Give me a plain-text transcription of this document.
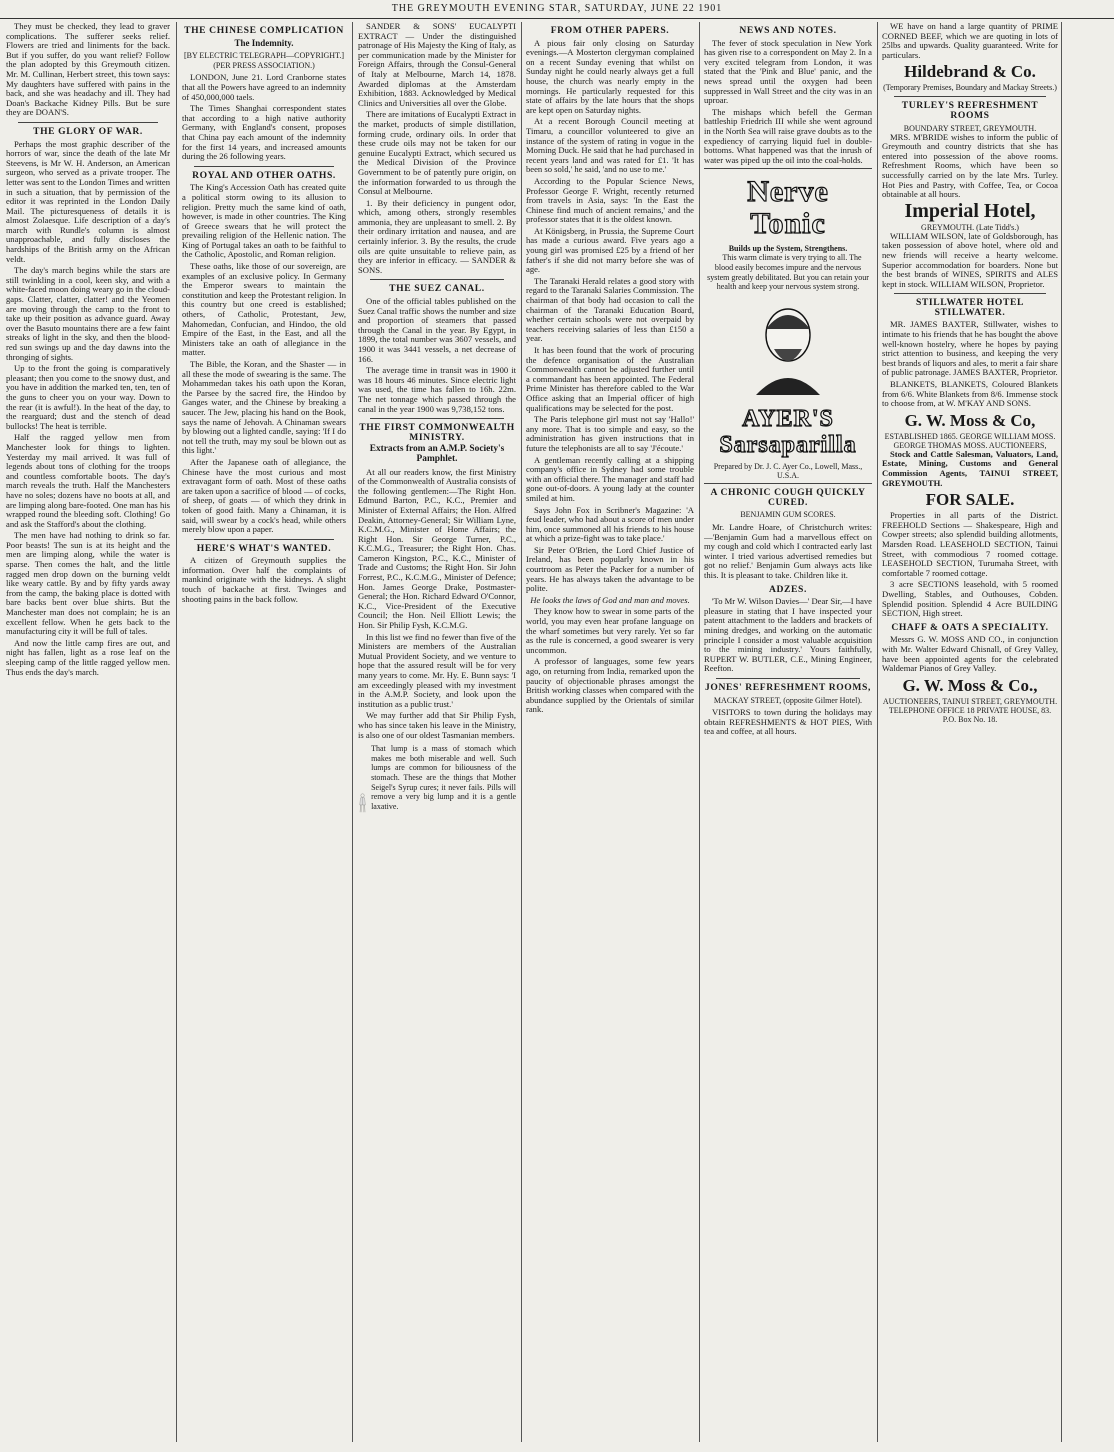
THE GREYMOUTH EVENING STAR, SATURDAY, JUNE 22 1901

They must be checked, they lead to graver complications. The sufferer seeks relief. Flowers are tried and liniments for the back. But if you suffer, do you want relief? Follow the plan adopted by this Greymouth citizen. Mr. M. Cullinan, Herbert street, this town says: My daughters have suffered with pains in the back, and she was headachy and ill. They had Doan's Backache Kidney Pills. But be sure they are DOAN'S.

THE GLORY OF WAR.

Perhaps the most graphic describer of the horrors of war, since the death of the late Mr Steevens, is Mr W. H. Anderson, an American surgeon, who served as a private trooper. The letter was sent to the London Times and written in such a situation, that by permission of the editor it was reprinted in the London Daily Mail. The picturesqueness of details it is almost Zolaesque. Life description of a day's march with Rundle's column is almost unapproachable, and fully discloses the hardships of the British army on the African veldt.

The day's march begins while the stars are still twinkling in a cool, keen sky, and with a white-faced moon doing weary go in the cloud-gaps. Clatter, clatter, clatter! and the Yeomen are moving through the camp to the front to take up their position as advance guard. Away over the Basuto mountains there are a few faint streaks of light in the sky, and then the blood-red sun swings up and the day dawns into the thronging of sights.

Up to the front the going is comparatively pleasant; then you come to the snowy dust, and you have in addition the marked ten, ten, ten of the guns to cheer you on your way. Down to the rear (it is awful!). In the heat of the day, to the rearguard; dust and the stench of dead bullocks! The heat is terrible.

Half the ragged yellow men from Manchester look for things to lighten. Yesterday my mail arrived. It was full of legends about tons of clothing for the troops and countless comfortable boots. The day's march reveals the truth. Half the Manchesters have no soles; dozens have no boots at all, and are limping along bare-footed. One man has his wrapped round the bleeding soft. Clothing! Go and ask the Stafford's about the clothing.

The men have had nothing to drink so far. Poor beasts! The sun is at its height and the men are limping along, while the water is sparse. Then comes the halt, and the little ragged men drop down on the burning veldt like weary cattle. By and by fifty yards away from the camp, the baking place is dotted with bare backs bent over blue shirts. But the Manchester man does not complain; he is an excellent fellow. When he gets back to the manufacturing city it will be full of tales.

And now the little camp fires are out, and night has fallen, light as a rose leaf on the sleeping camp of the little ragged yellow men. Thus ends the day's march.

THE CHINESE COMPLICATION
The Indemnity.
[BY ELECTRIC TELEGRAPH—COPYRIGHT.] (PER PRESS ASSOCIATION.)

LONDON, June 21. Lord Cranborne states that all the Powers have agreed to an indemnity of 450,000,000 taels.

The Times Shanghai correspondent states that according to a high native authority Germany, with England's consent, proposes that China pay each amount of the indemnity for the first 14 years, and increased amounts during the 26 following years.

ROYAL AND OTHER OATHS.

The King's Accession Oath has created quite a political storm owing to its allusion to religion. Pretty much the same kind of oath, however, is made in other countries. The King of Greece swears that he will protect the prevailing religion of the Hellenic nation. The King of Portugal takes an oath to be faithful to the Catholic, Apostolic, and Roman religion.

These oaths, like those of our sovereign, are examples of an exclusive policy. In Germany the Emperor swears to maintain the constitution and keep the Protestant religion. In this country but one creed is established; others, of Catholic, Protestant, Jew, Mahomedan, Confucian, and Hindoo, the old Empire of the East, in the East, and all the Ministers take an oath of allegiance in the matter.

The Bible, the Koran, and the Shaster — in all these the mode of swearing is the same. The Mohammedan takes his oath upon the Koran, the Parsee by the sacred fire, the Hindoo by Ganges water, and the Chinese by breaking a saucer. The Jew, placing his hand on the Book, says the name of Jehovah. A Chinaman swears by blowing out a lighted candle, saying: 'If I do not tell the truth, may my soul be blown out as this light.'

After the Japanese oath of allegiance, the Chinese have the most curious and most extravagant form of oath. Most of these oaths are taken upon a sacrifice of blood — of cocks, of sheep, of goats — of which they drink in token of good faith. Many a Chinaman, it is said, will swear by a cock's head, while others merely blow upon a paper.

HERE'S WHAT'S WANTED.

A citizen of Greymouth supplies the information. Over half the complaints of mankind originate with the kidneys. A slight touch of backache at first. Twinges and shooting pains in the back follow.

SANDER & SONS' EUCALYPTI EXTRACT — Under the distinguished patronage of His Majesty the King of Italy, as per communication made by the Minister for Foreign Affairs, through the Consul-General of Italy at Melbourne, March 14, 1878. Awarded diplomas at the Amsterdam Exhibition, 1883. Acknowledged by Medical Clinics and Universities all over the Globe.

There are imitations of Eucalypti Extract in the market, products of simple distillation, forming crude, ordinary oils. In order that these crude oils may not be taken for our genuine Eucalypti Extract, which secured us the Medical Division of the Province Government to be of patently pure origin, on the information forwarded to us through the Consul at Melbourne.

1. By their deficiency in pungent odor, which, among others, strongly resembles ammonia, they are unpleasant to smell. 2. By their ordinary irritation and nausea, and are certainly inferior. 3. By the results, the crude oils are quite unsuitable to relieve pain, as they are inferior in efficacy. — SANDER & SONS.

THE SUEZ CANAL.

One of the official tables published on the Suez Canal traffic shows the number and size and proportion of steamers that passed through the Canal in the year. By Egypt, in 1899, the total number was 3607 vessels, and 1900 it was 3441 vessels, a net decrease of 166.

The average time in transit was in 1900 it was 18 hours 46 minutes. Since electric light was used, the time has fallen to 16h. 22m. The net tonnage which passed through the canal in the year 1900 was 9,738,152 tons.

THE FIRST COMMONWEALTH MINISTRY.
Extracts from an A.M.P. Society's Pamphlet.

At all our readers know, the first Ministry of the Commonwealth of Australia consists of the following gentlemen:—The Right Hon. Edmund Barton, P.C., K.C., Premier and Minister of External Affairs; the Hon. Alfred Deakin, Attorney-General; Sir William Lyne, K.C.M.G., Minister of Home Affairs; the Right Hon. Sir George Turner, P.C., K.C.M.G., Treasurer; the Right Hon. Chas. Cameron Kingston, P.C., K.C., Minister of Trade and Customs; the Right Hon. Sir John Forrest, P.C., K.C.M.G., Minister of Defence; Hon. James George Drake, Postmaster-General; the Hon. Richard Edward O'Connor, K.C., Vice-President of the Executive Council; the Hon. Neil Elliott Lewis; the Hon. Sir Philip Fysh, K.C.M.G.

In this list we find no fewer than five of the Ministers are members of the Australian Mutual Provident Society, and we venture to hope that the assured result will be for very many years to come. Mr. Hy. E. Bunn says: 'I am exceedingly pleased with my investment in the A.M.P. Society, and look upon the institution as a public trust.'

We may further add that Sir Philip Fysh, who has since taken his leave in the Ministry, is also one of our oldest Tasmanian members.

That lump is a mass of stomach which makes me both miserable and well. Such lumps are common for biliousness of the stomach. These are the things that Mother Seigel's Syrup cures; it never fails. Pills will remove a very big lump and it is a gentle laxative.

FROM OTHER PAPERS.

A pious fair only closing on Saturday evenings.—A Mosterton clergyman complained on a recent Sunday evening that whilst on Sunday night he could nearly always get a full house, the church was nearly empty in the mornings. He particularly requested for this state of affairs by the late hours that the shops are kept open on Saturday nights.

At a recent Borough Council meeting at Timaru, a councillor volunteered to give an instance of the system of rating in vogue in the Morning Duck. He said that he had purchased in recent years land and was rated for £1. 'It has been so sold,' he said, 'and no use to me.'

According to the Popular Science News, Professor George F. Wright, recently returned from travels in Asia, says: 'In the East the Chinese find much of ancient remains,' and the professor states that it is the oldest known.

At Königsberg, in Prussia, the Supreme Court has made a curious award. Five years ago a young girl was promised £25 by a friend of her father's if she did not marry before she was of age.

The Taranaki Herald relates a good story with regard to the Taranaki Salaries Commission. The chairman of that body had occasion to call the chairman of the Taranaki Education Board, whether certain schools were not overpaid by teachers receiving salaries of less than £150 a year.

It has been found that the work of procuring the defence organisation of the Australian Commonwealth cannot be adjusted further until a commandant has been appointed. The Federal Prime Minister has therefore cabled to the War Office asking that an Imperial officer of high qualifications may be selected for the post.

The Paris telephone girl must not say 'Hallo!' any more. That is too simple and easy, so the administration has given instructions that in future the telephonists are all to say 'J'écoute.'

A gentleman recently calling at a shipping company's office in Sydney had some trouble with an official there. The manager and staff had gone out-of-doors. A young lady at the counter smiled at him.

Says John Fox in Scribner's Magazine: 'A feud leader, who had about a score of men under him, once summoned all his friends to his house at which a prize-fight was to take place.'

Sir Peter O'Brien, the Lord Chief Justice of Ireland, has been popularly known in his courtroom as Peter the Packer for a number of years. He has always taken the advantage to be polite.

He looks the laws of God and man and moves.

They know how to swear in some parts of the world, you may even hear profane language on the wharf sometimes but very rarely. Yet so far as the rule is concerned, a good swearer is very uncommon.

A professor of languages, some few years ago, on returning from India, remarked upon the paucity of objectionable phrases amongst the British working classes when compared with the abundance supplied by the Orientals of similar rank.

NEWS AND NOTES.

The fever of stock speculation in New York has given rise to a correspondent on May 2. In a very excited telegram from London, it was stated that the 'Pink and Blue' panic, and the news spread until the oxygen had been suppressed in Wall Street and the city was in an uproar.

The mishaps which befell the German battleship Friedrich III while she went aground in the North Sea will raise grave doubts as to the expediency of carrying liquid fuel in double-bottoms. What happened was that the inrush of water was piped up the oil into the coal-holds.

Nerve Tonic
Builds up the System, Strengthens.

This warm climate is very trying to all. The blood easily becomes impure and the nervous system greatly debilitated. But you can retain your health and keep your nervous system strong.

AYER'S Sarsaparilla
Prepared by Dr. J. C. Ayer Co., Lowell, Mass., U.S.A.
A CHRONIC COUGH QUICKLY CURED.
BENJAMIN GUM SCORES.

Mr. Landre Hoare, of Christchurch writes:—'Benjamin Gum had a marvellous effect on my cough and cold which I contracted early last winter. I tried various advertised remedies but got no relief.' Benjamin Gum always acts like this. It is pleasant to take. Children like it.

ADZES.

'To Mr W. Wilson Davies—' Dear Sir,—I have pleasure in stating that I have inspected your patent attachment to the ladders and brackets of mining dredges, and working on the automatic principle I consider a most valuable acquisition to the mining industry.' Yours faithfully, RUPERT W. BUTLER, C.E., Mining Engineer, Reefton.

JONES' REFRESHMENT ROOMS,
MACKAY STREET, (opposite Gilmer Hotel).

VISITORS to town during the holidays may obtain REFRESHMENTS & HOT PIES, With tea and coffee, at all hours.

WE have on hand a large quantity of PRIME CORNED BEEF, which we are quoting in lots of 25lbs and upwards. Quality guaranteed. Write for particulars.

Hildebrand & Co.
(Temporary Premises, Boundary and Mackay Streets.)
TURLEY'S REFRESHMENT ROOMS
BOUNDARY STREET, GREYMOUTH.

MRS. M'BRIDE wishes to inform the public of Greymouth and country districts that she has entered into possession of the above rooms. Refreshment Rooms, which have been so successfully carried on by the late Mrs. Turley. Hot Pies and Pastry, with Coffee, Tea, or Cocoa obtainable at all hours.

Imperial Hotel,
GREYMOUTH. (Late Tidd's.)

WILLIAM WILSON, late of Goldsborough, has taken possession of above hotel, where old and new friends will receive a hearty welcome. Superior accommodation for boarders. None but the best brands of WINES, SPIRITS and ALES kept in stock. WILLIAM WILSON, Proprietor.

STILLWATER HOTEL STILLWATER.

MR. JAMES BAXTER, Stillwater, wishes to intimate to his friends that he has bought the above well-known hostelry, where he hopes by paying strict attention to business, and keeping the very best brands of liquors and ales, to merit a fair share of public patronage. JAMES BAXTER, Proprietor.

BLANKETS, BLANKETS, Coloured Blankets from 6/6. White Blankets from 8/6. Immense stock to choose from, at W. M'KAY AND SONS.

G. W. Moss & Co,
ESTABLISHED 1865. GEORGE WILLIAM MOSS. GEORGE THOMAS MOSS. AUCTIONEERS,

Stock and Cattle Salesman, Valuators, Land, Estate, Mining, Customs and General Commission Agents, TAINUI STREET, GREYMOUTH.

FOR SALE.

Properties in all parts of the District. FREEHOLD Sections — Shakespeare, High and Cowper streets; also splendid building allotments, Marsden Road. LEASEHOLD SECTION, Tainui Street, with commodious 7 roomed cottage. LEASEHOLD SECTION, Turumaha Street, with comfortable 7 roomed cottage.

3 acre SECTIONS leasehold, with 5 roomed Dwelling, Stables, and Outhouses, Cobden. Splendid position. Splendid 4 Acre BUILDING SECTION, High street.

CHAFF & OATS A SPECIALITY.

Messrs G. W. MOSS AND CO., in conjunction with Mr. Walter Edward Chisnall, of Grey Valley, have been appointed agents for the celebrated Waldemar Pianos of Grey Valley.

G. W. Moss & Co.,
AUCTIONEERS, TAINUI STREET, GREYMOUTH. TELEPHONE OFFICE 18 PRIVATE HOUSE, 83. P.O. Box No. 18.
